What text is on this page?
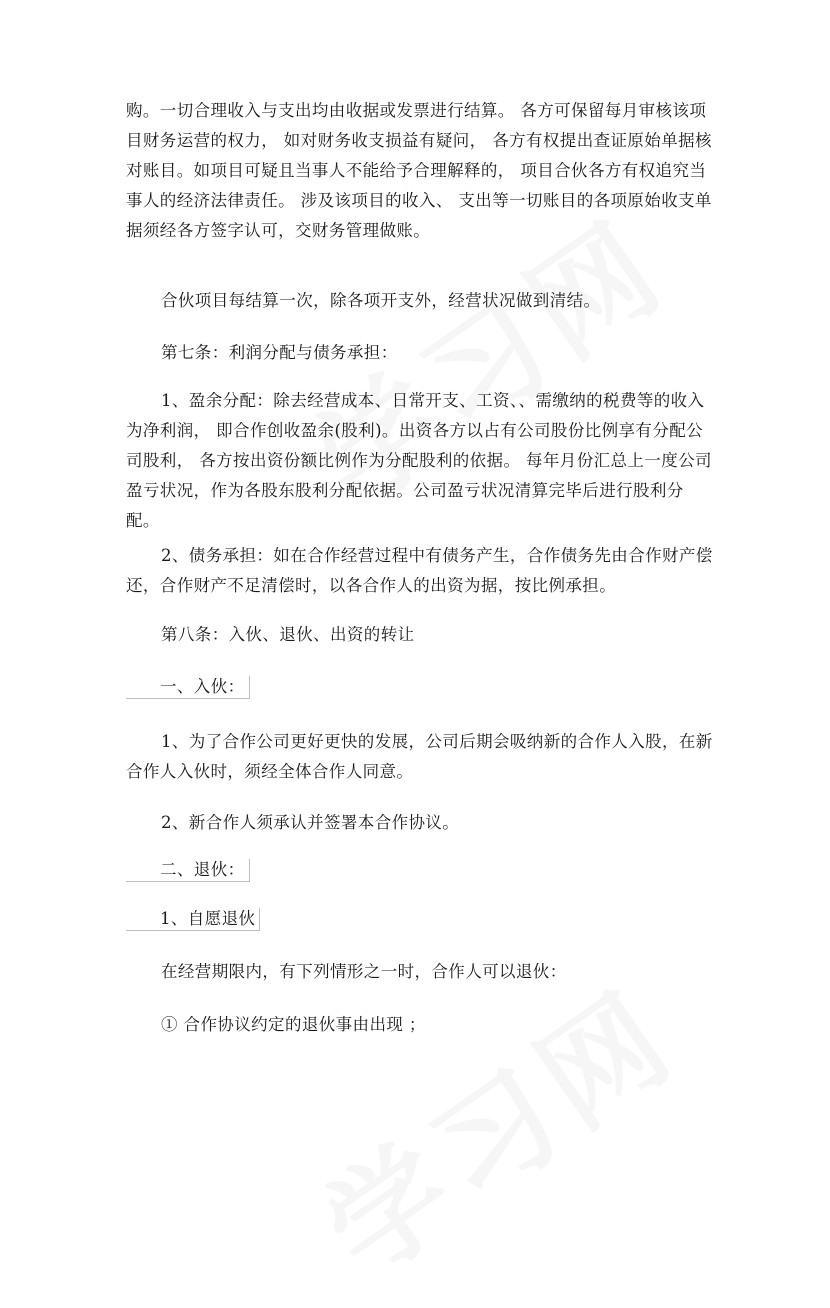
购。一切合理收入与支出均由收据或发票进行结算。 各方可保留每月审核该项目财务运营的权力， 如对财务收支损益有疑问， 各方有权提出查证原始单据核对账目。如项目可疑且当事人不能给予合理解释的， 项目合伙各方有权追究当事人的经济法律责任。 涉及该项目的收入、 支出等一切账目的各项原始收支单据须经各方签字认可，交财务管理做账。

合伙项目每结算一次，除各项开支外，经营状况做到清结。

第七条：利润分配与债务承担：

1、盈余分配：除去经营成本、日常开支、工资、、需缴纳的税费等的收入为净利润， 即合作创收盈余(股利)。出资各方以占有公司股份比例享有分配公司股利， 各方按出资份额比例作为分配股利的依据。 每年月份汇总上一度公司盈亏状况，作为各股东股利分配依据。公司盈亏状况清算完毕后进行股利分配。

2、债务承担：如在合作经营过程中有债务产生，合作债务先由合作财产偿还，合作财产不足清偿时，以各合作人的出资为据，按比例承担。

第八条：入伙、退伙、出资的转让

一、入伙：

1、为了合作公司更好更快的发展，公司后期会吸纳新的合作人入股，在新合作人入伙时，须经全体合作人同意。

2、新合作人须承认并签署本合作协议。

二、退伙：
1、自愿退伙

在经营期限内，有下列情形之一时，合作人可以退伙：

① 合作协议约定的退伙事由出现 ；
